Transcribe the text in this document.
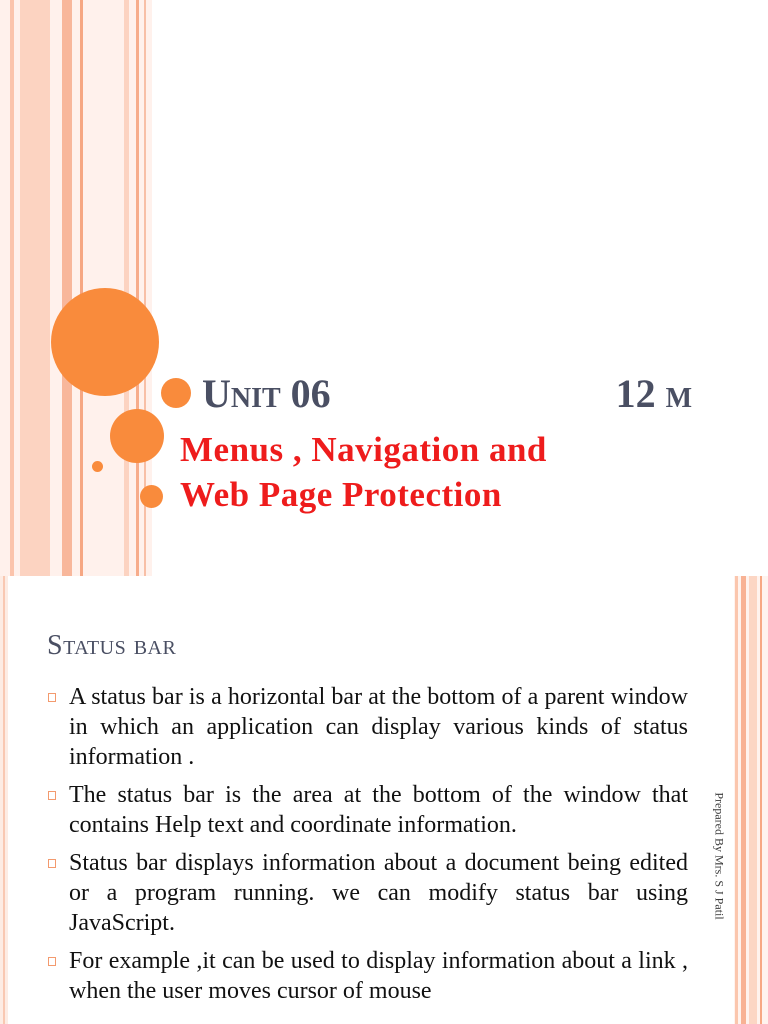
Unit 06	12 m
Menus , Navigation and
Web Page Protection
Status bar
A status bar is a horizontal bar at the bottom of a parent window in which an application can display various kinds of status information .
The status bar is the area at the bottom of the window that contains Help text and coordinate information.
Status bar displays information about a document being edited or a program running. we can modify status bar using JavaScript.
For example ,it can be used to display information about a link , when the user moves cursor of mouse
Prepared By Mrs. S J Patil
